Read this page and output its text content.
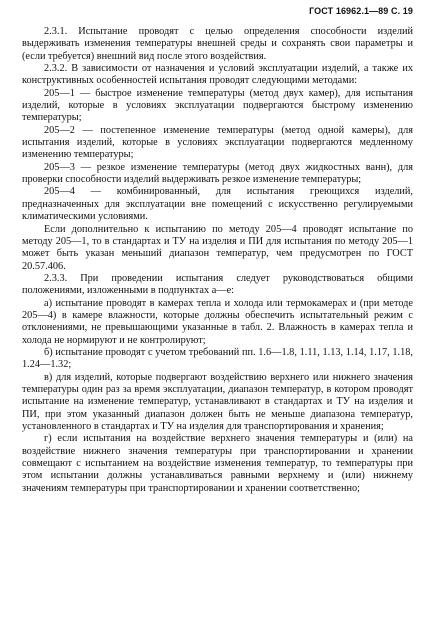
ГОСТ 16962.1—89 С. 19

2.3.1. Испытание проводят с целью определения способности изделий выдерживать изменения температуры внешней среды и сохранять свои параметры и (если требуется) внешний вид после этого воздействия.

2.3.2. В зависимости от назначения и условий эксплуатации изделий, а также их конструктивных особенностей испытания проводят следующими методами:

205—1 — быстрое изменение температуры (метод двух камер), для испытания изделий, которые в условиях эксплуатации подвергаются быстрому изменению температуры;

205—2 — постепенное изменение температуры (метод одной камеры), для испытания изделий, которые в условиях эксплуатации подвергаются медленному изменению температуры;

205—3 — резкое изменение температуры (метод двух жидкостных ванн), для проверки способности изделий выдерживать резкое изменение температуры;

205—4 — комбинированный, для испытания греющихся изделий, предназначенных для эксплуатации вне помещений с искусственно регулируемыми климатическими условиями.

Если дополнительно к испытанию по методу 205—4 проводят испытание по методу 205—1, то в стандартах и ТУ на изделия и ПИ для испытания по методу 205—1 может быть указан меньший диапазон температур, чем предусмотрен по ГОСТ 20.57.406.

2.3.3. При проведении испытания следует руководствоваться общими положениями, изложенными в подпунктах а—е:

а) испытание проводят в камерах тепла и холода или термокамерах и (при методе 205—4) в камере влажности, которые должны обеспечить испытательный режим с отклонениями, не превышающими указанные в табл. 2. Влажность в камерах тепла и холода не нормируют и не контролируют;

б) испытание проводят с учетом требований пп. 1.6—1.8, 1.11, 1.13, 1.14, 1.17, 1.18, 1.24—1.32;

в) для изделий, которые подвергают воздействию верхнего или нижнего значения температуры один раз за время эксплуатации, диапазон температур, в котором проводят испытание на изменение температур, устанавливают в стандартах и ТУ на изделия и ПИ, при этом указанный диапазон должен быть не меньше диапазона температур, установленного в стандартах и ТУ на изделия для транспортирования и хранения;

г) если испытания на воздействие верхнего значения температуры и (или) на воздействие нижнего значения температуры при транспортировании и хранении совмещают с испытанием на воздействие изменения температур, то температуры при этом испытании должны устанавливаться равными верхнему и (или) нижнему значениям температуры при транспортировании и хранении соответственно;
